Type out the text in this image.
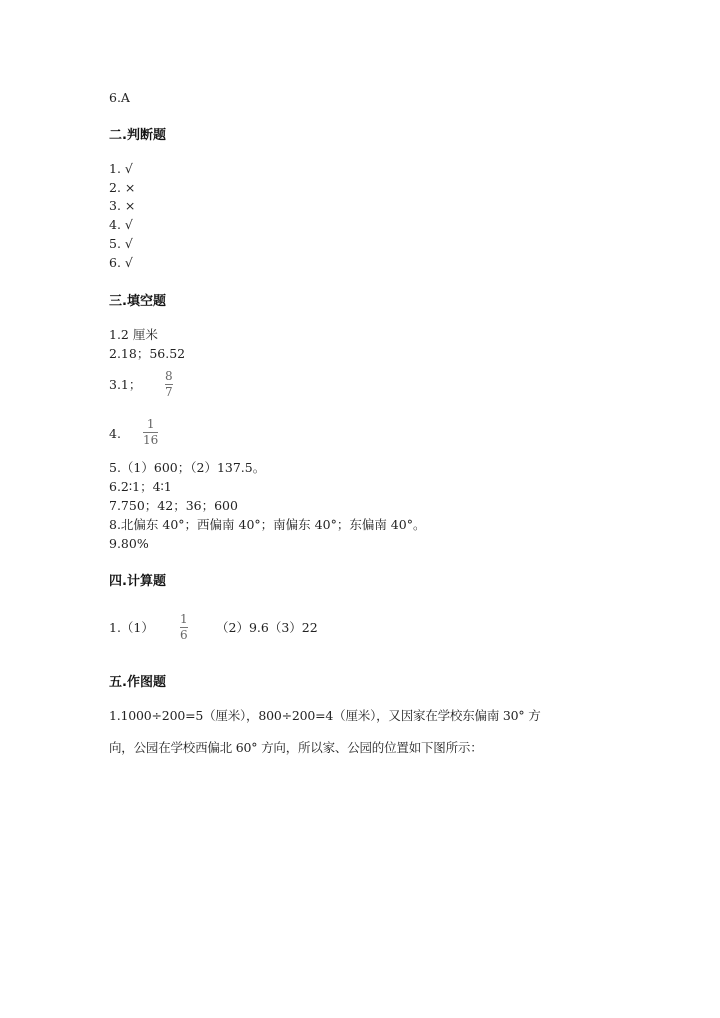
6.A
二.判断题
1. √
2. ×
3. ×
4. √
5. √
6. √
三.填空题
1.2 厘米
2.18；56.52
3.1；
8
7
4.
1
16
5.（1）600；（2）137.5。
6.2∶1；4∶1
7.750；42；36；600
8.北偏东 40°；西偏南 40°；南偏东 40°；东偏南 40°。
9.80%
四.计算题
1.（1）
1
6 （2）9.6（3）22
五.作图题
1.1000÷200=5（厘米），800÷200=4（厘米），又因家在学校东偏南 30° 方
向，公园在学校西偏北 60° 方向，所以家、公园的位置如下图所示：
